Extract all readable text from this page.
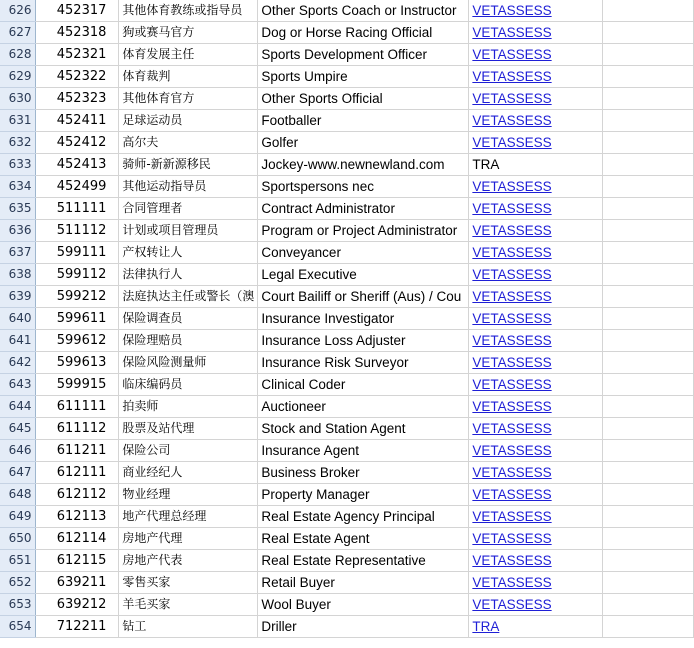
626	452317	其他体育教练或指导员	Other Sports Coach or Instructor	VETASSESS	
627	452318	狗或赛马官方	Dog or Horse Racing Official	VETASSESS	
628	452321	体育发展主任	Sports Development Officer	VETASSESS	
629	452322	体育裁判	Sports Umpire	VETASSESS	
630	452323	其他体育官方	Other Sports Official	VETASSESS	
631	452411	足球运动员	Footballer	VETASSESS	
632	452412	高尔夫	Golfer	VETASSESS	
633	452413	骑师-新新源移民	Jockey-www.newnewland.com	TRA	
634	452499	其他运动指导员	Sportspersons nec	VETASSESS	
635	511111	合同管理者	Contract Administrator	VETASSESS	
636	511112	计划或项目管理员	Program or Project Administrator	VETASSESS	
637	599111	产权转让人	Conveyancer	VETASSESS	
638	599112	法律执行人	Legal Executive	VETASSESS	
639	599212	法庭执达主任或警长（澳	Court Bailiff or Sheriff (Aus) / Cou	VETASSESS	
640	599611	保险调查员	Insurance Investigator	VETASSESS	
641	599612	保险理赔员	Insurance Loss Adjuster	VETASSESS	
642	599613	保险风险测量师	Insurance Risk Surveyor	VETASSESS	
643	599915	临床编码员	Clinical Coder	VETASSESS	
644	611111	拍卖师	Auctioneer	VETASSESS	
645	611112	股票及站代理	Stock and Station Agent	VETASSESS	
646	611211	保险公司	Insurance Agent	VETASSESS	
647	612111	商业经纪人	Business Broker	VETASSESS	
648	612112	物业经理	Property Manager	VETASSESS	
649	612113	地产代理总经理	Real Estate Agency Principal	VETASSESS	
650	612114	房地产代理	Real Estate Agent	VETASSESS	
651	612115	房地产代表	Real Estate Representative	VETASSESS	
652	639211	零售买家	Retail Buyer	VETASSESS	
653	639212	羊毛买家	Wool Buyer	VETASSESS	
654	712211	钻工	Driller	TRA	
